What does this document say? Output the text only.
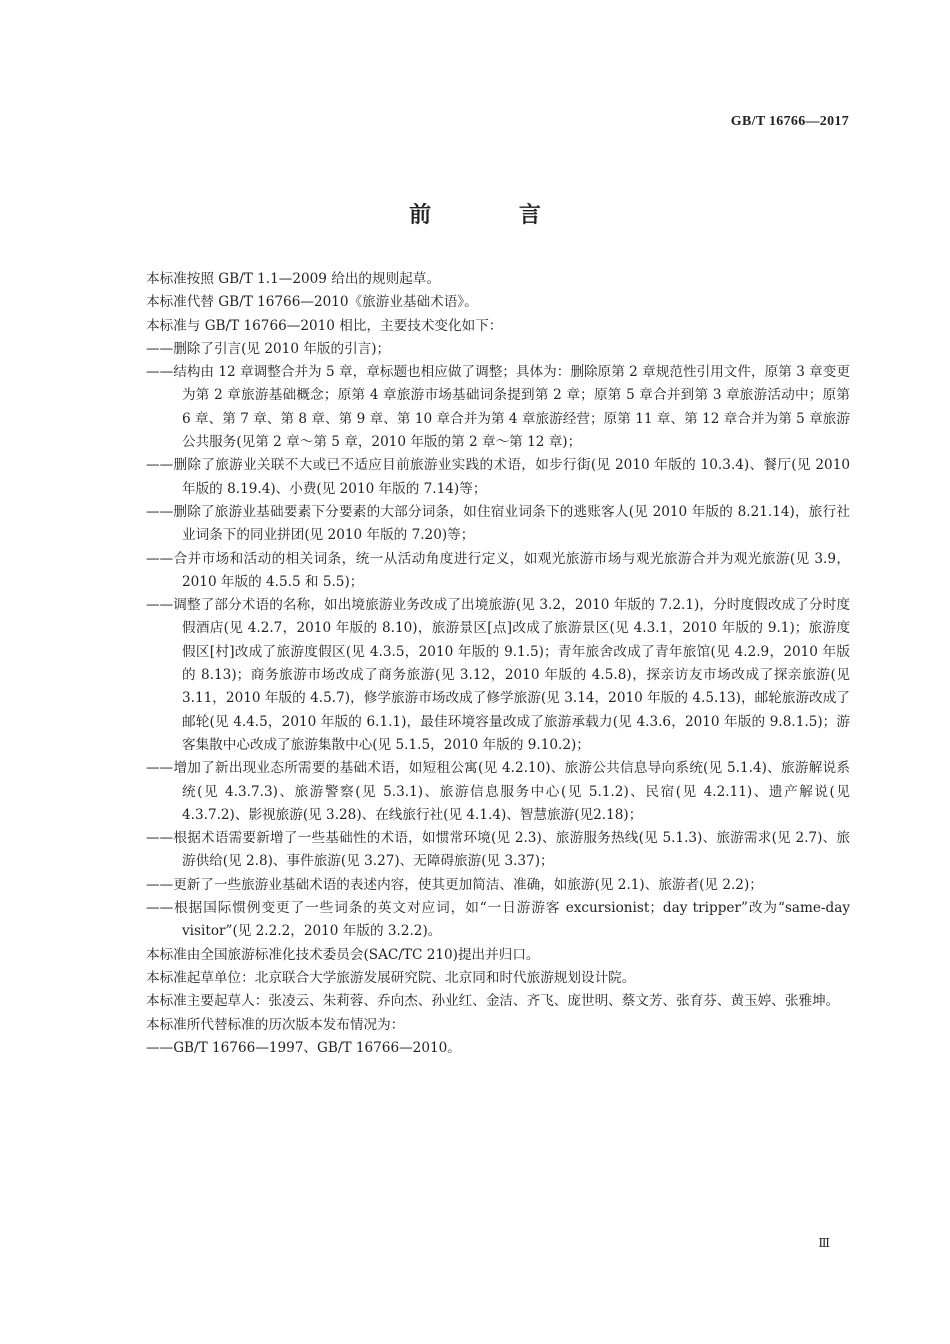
GB/T 16766—2017
前 言

本标准按照 GB/T 1.1—2009 给出的规则起草。

本标准代替 GB/T 16766—2010《旅游业基础术语》。

本标准与 GB/T 16766—2010 相比，主要技术变化如下：

——删除了引言(见 2010 年版的引言)；

——结构由 12 章调整合并为 5 章，章标题也相应做了调整；具体为：删除原第 2 章规范性引用文件，原第 3 章变更为第 2 章旅游基础概念；原第 4 章旅游市场基础词条提到第 2 章；原第 5 章合并到第 3 章旅游活动中；原第 6 章、第 7 章、第 8 章、第 9 章、第 10 章合并为第 4 章旅游经营；原第 11 章、第 12 章合并为第 5 章旅游公共服务(见第 2 章～第 5 章，2010 年版的第 2 章～第 12 章)；

——删除了旅游业关联不大或已不适应目前旅游业实践的术语，如步行街(见 2010 年版的 10.3.4)、餐厅(见 2010 年版的 8.19.4)、小费(见 2010 年版的 7.14)等；

——删除了旅游业基础要素下分要素的大部分词条，如住宿业词条下的逃账客人(见 2010 年版的 8.21.14)，旅行社业词条下的同业拼团(见 2010 年版的 7.20)等；

——合并市场和活动的相关词条，统一从活动角度进行定义，如观光旅游市场与观光旅游合并为观光旅游(见 3.9，2010 年版的 4.5.5 和 5.5)；

——调整了部分术语的名称，如出境旅游业务改成了出境旅游(见 3.2，2010 年版的 7.2.1)，分时度假改成了分时度假酒店(见 4.2.7，2010 年版的 8.10)，旅游景区[点]改成了旅游景区(见 4.3.1，2010 年版的 9.1)；旅游度假区[村]改成了旅游度假区(见 4.3.5，2010 年版的 9.1.5)；青年旅舍改成了青年旅馆(见 4.2.9，2010 年版的 8.13)；商务旅游市场改成了商务旅游(见 3.12，2010 年版的 4.5.8)，探亲访友市场改成了探亲旅游(见 3.11，2010 年版的 4.5.7)，修学旅游市场改成了修学旅游(见 3.14，2010 年版的 4.5.13)，邮轮旅游改成了邮轮(见 4.4.5，2010 年版的 6.1.1)，最佳环境容量改成了旅游承载力(见 4.3.6，2010 年版的 9.8.1.5)；游客集散中心改成了旅游集散中心(见 5.1.5，2010 年版的 9.10.2)；

——增加了新出现业态所需要的基础术语，如短租公寓(见 4.2.10)、旅游公共信息导向系统(见 5.1.4)、旅游解说系统(见 4.3.7.3)、旅游警察(见 5.3.1)、旅游信息服务中心(见 5.1.2)、民宿(见 4.2.11)、遗产解说(见 4.3.7.2)、影视旅游(见 3.28)、在线旅行社(见 4.1.4)、智慧旅游(见2.18)；

——根据术语需要新增了一些基础性的术语，如惯常环境(见 2.3)、旅游服务热线(见 5.1.3)、旅游需求(见 2.7)、旅游供给(见 2.8)、事件旅游(见 3.27)、无障碍旅游(见 3.37)；

——更新了一些旅游业基础术语的表述内容，使其更加简洁、准确，如旅游(见 2.1)、旅游者(见 2.2)；

——根据国际惯例变更了一些词条的英文对应词，如“一日游游客 excursionist；day tripper”改为“same-day visitor”(见 2.2.2，2010 年版的 3.2.2)。

本标准由全国旅游标准化技术委员会(SAC/TC 210)提出并归口。

本标准起草单位：北京联合大学旅游发展研究院、北京同和时代旅游规划设计院。

本标准主要起草人：张凌云、朱莉蓉、乔向杰、孙业红、金洁、齐飞、庞世明、蔡文芳、张育芬、黄玉婷、张雅坤。

本标准所代替标准的历次版本发布情况为：

——GB/T 16766—1997、GB/T 16766—2010。

Ⅲ
